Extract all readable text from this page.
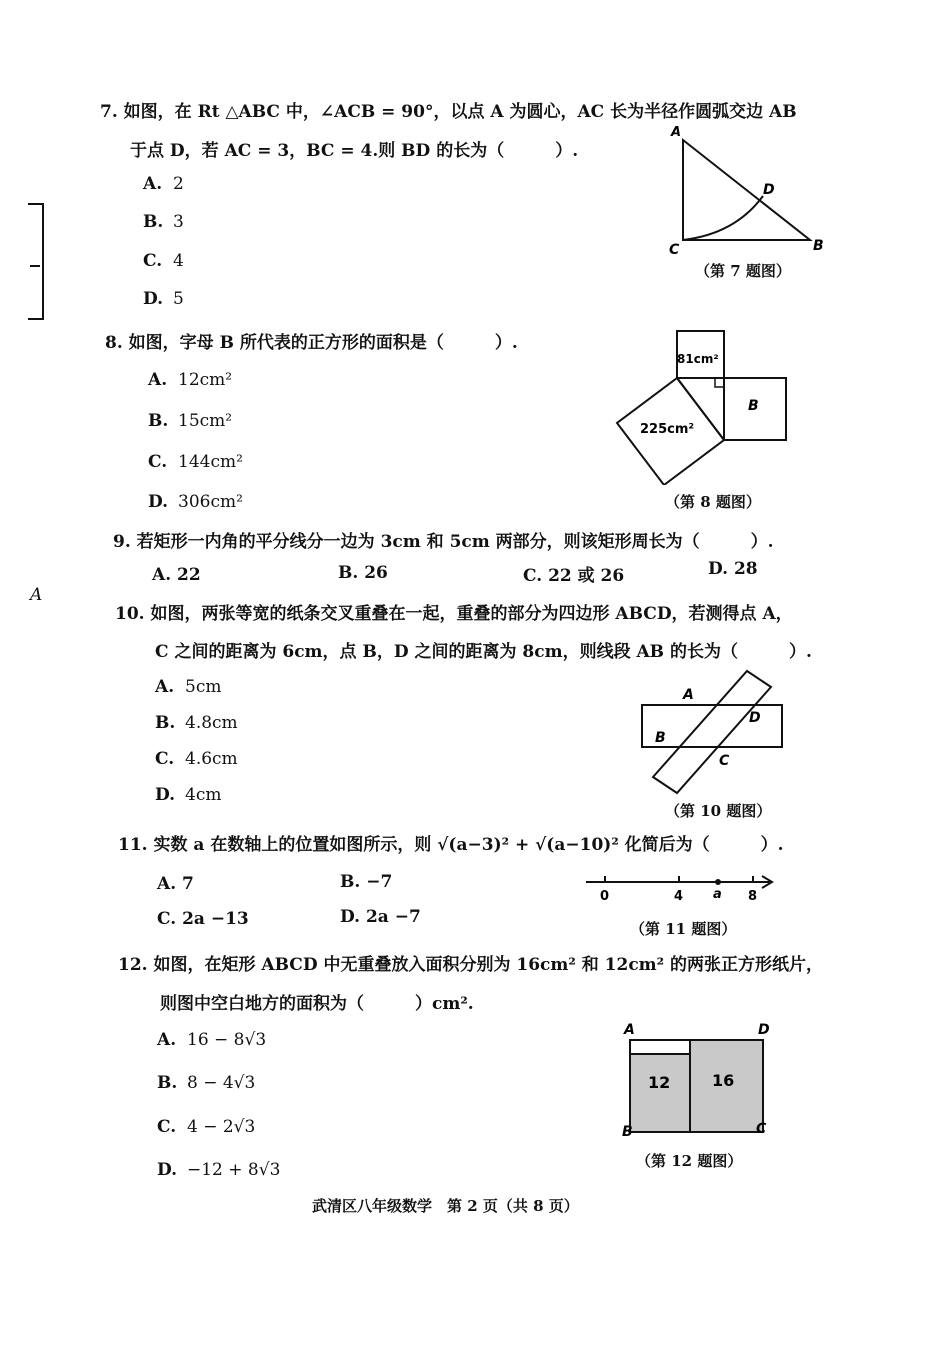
A
7. 如图，在 Rt △ABC 中，∠ACB = 90°，以点 A 为圆心，AC 长为半径作圆弧交边 AB
于点 D，若 AC = 3，BC = 4.则 BD 的长为（　　　）.
A. 2
B. 3
C. 4
D. 5
A
D
C	B
（第 7 题图）
8. 如图，字母 B 所代表的正方形的面积是（　　　）.
A. 12cm²
B. 15cm²
C. 144cm²
D. 306cm²
81cm²
225cm²
B
（第 8 题图）
9. 若矩形一内角的平分线分一边为 3cm 和 5cm 两部分，则该矩形周长为（　　　）.
A. 22	B. 26	C. 22 或 26	D. 28
10. 如图，两张等宽的纸条交叉重叠在一起，重叠的部分为四边形 ABCD，若测得点 A，
C 之间的距离为 6cm，点 B，D 之间的距离为 8cm，则线段 AB 的长为（　　　）.
A. 5cm
B. 4.8cm
C. 4.6cm
D. 4cm
A
D
B
C
（第 10 题图）
11. 实数 a 在数轴上的位置如图所示，则 √(a−3)² + √(a−10)² 化简后为（　　　）.
A. 7	B. −7
C. 2a −13	D. 2a −7
0	4 a 8
（第 11 题图）
12. 如图，在矩形 ABCD 中无重叠放入面积分别为 16cm² 和 12cm² 的两张正方形纸片，
则图中空白地方的面积为（　　　）cm².
A. 16 − 8√3
B. 8 − 4√3
C. 4 − 2√3
D. −12 + 8√3
A	D
B	C
12	16
（第 12 题图）
武清区八年级数学　第 2 页（共 8 页）
